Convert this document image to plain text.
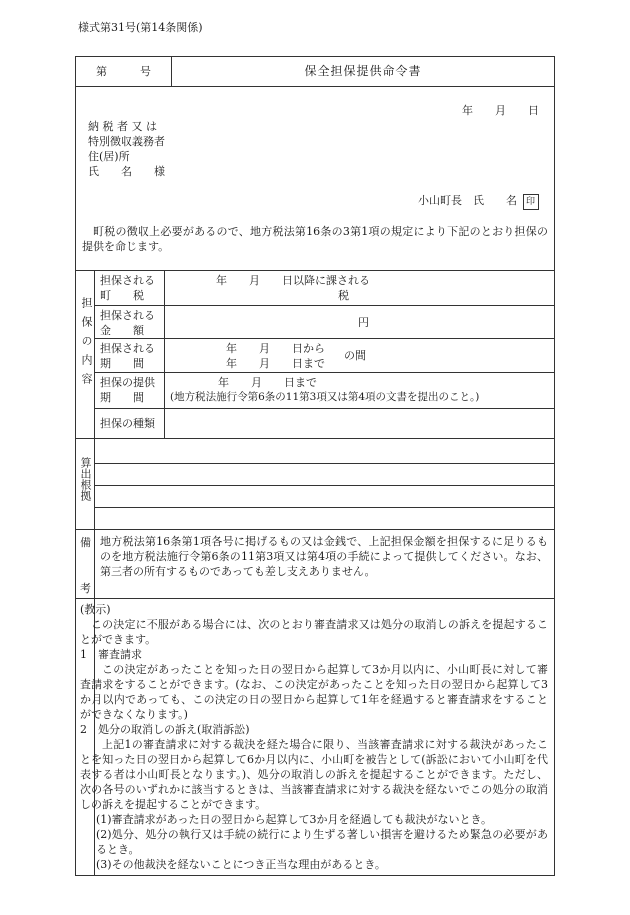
様式第31号(第14条関係)
第　　　号	保全担保提供命令書
年　　月　　日
納 税 者 又 は
特別徴収義務者
住(居)所
氏　　名　　様
小山町長　氏　　名 印
町税の徴収上必要があるので、地方税法第16条の3第1項の規定により下記のとおり担保の提供を命じます。
担保の内容
担保される
町　　税
年　　月　　日以降に課される
税
担保される
金　　額
円
担保される
期　　間
年　　月　　日から
年　　月　　日まで
の間
担保の提供
期　　間
年　　月　　日まで
(地方税法施行令第6条の11第3項又は第4項の文書を提出のこと。)
担保の種類
算出根拠
備
考
地方税法第16条第1項各号に掲げるもの又は金銭で、上記担保金額を担保するに足りるものを地方税法施行令第6条の11第3項又は第4項の手続によって提供してください。なお、第三者の所有するものであっても差し支えありません。
(教示)
この決定に不服がある場合には、次のとおり審査請求又は処分の取消しの訴えを提起することができます。
1　審査請求
この決定があったことを知った日の翌日から起算して3か月以内に、小山町長に対して審査請求をすることができます。(なお、この決定があったことを知った日の翌日から起算して3か月以内であっても、この決定の日の翌日から起算して1年を経過すると審査請求をすることができなくなります。)
2　処分の取消しの訴え(取消訴訟)
上記1の審査請求に対する裁決を経た場合に限り、当該審査請求に対する裁決があったことを知った日の翌日から起算して6か月以内に、小山町を被告として(訴訟において小山町を代表する者は小山町長となります。)、処分の取消しの訴えを提起することができます。ただし、次の各号のいずれかに該当するときは、当該審査請求に対する裁決を経ないでこの処分の取消しの訴えを提起することができます。
(1)審査請求があった日の翌日から起算して3か月を経過しても裁決がないとき。
(2)処分、処分の執行又は手続の続行により生ずる著しい損害を避けるため緊急の必要があるとき。
(3)その他裁決を経ないことにつき正当な理由があるとき。
